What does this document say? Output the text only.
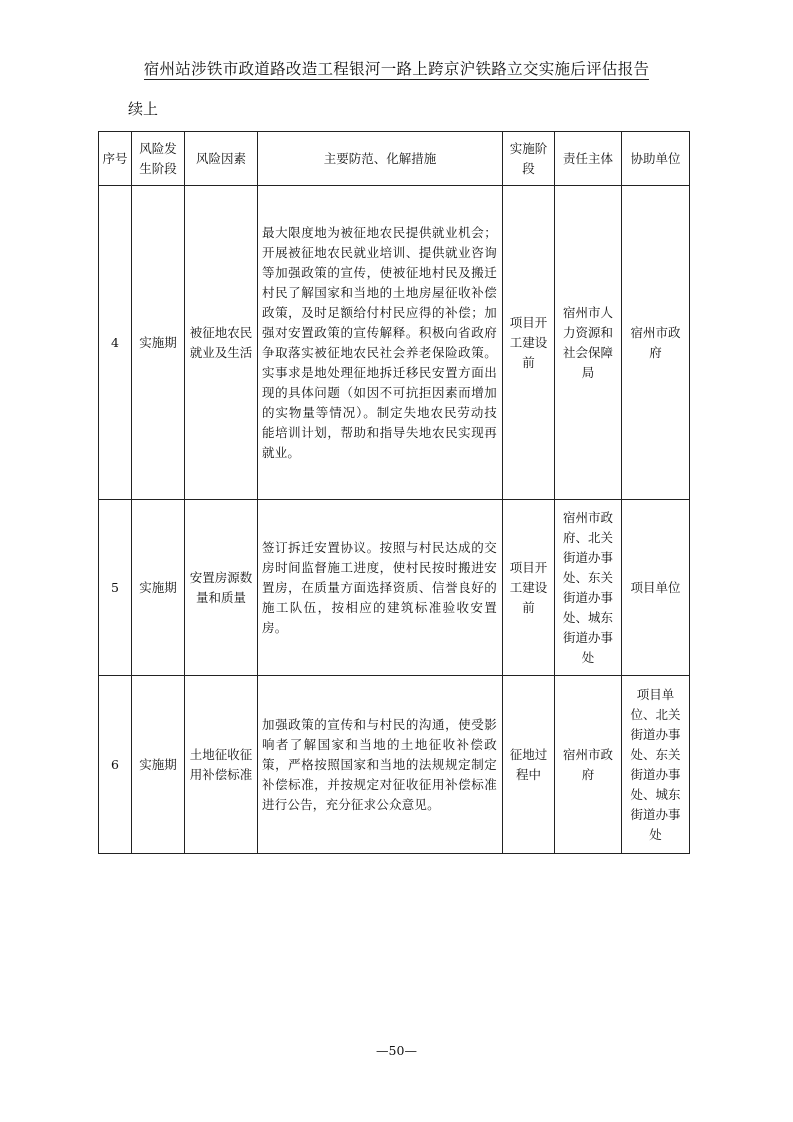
宿州站涉铁市政道路改造工程银河一路上跨京沪铁路立交实施后评估报告
续上
序号	风险发生阶段	风险因素	主要防范、化解措施	实施阶段	责任主体	协助单位
4	实施期	被征地农民就业及生活	最大限度地为被征地农民提供就业机会；开展被征地农民就业培训、提供就业咨询等加强政策的宣传，使被征地村民及搬迁村民了解国家和当地的土地房屋征收补偿政策，及时足额给付村民应得的补偿；加强对安置政策的宣传解释。积极向省政府争取落实被征地农民社会养老保险政策。实事求是地处理征地拆迁移民安置方面出现的具体问题（如因不可抗拒因素而增加的实物量等情况）。制定失地农民劳动技能培训计划，帮助和指导失地农民实现再就业。	项目开工建设前	宿州市人力资源和社会保障局	宿州市政府
5	实施期	安置房源数量和质量	签订拆迁安置协议。按照与村民达成的交房时间监督施工进度，使村民按时搬进安置房，在质量方面选择资质、信誉良好的施工队伍，按相应的建筑标准验收安置房。	项目开工建设前	宿州市政府、北关街道办事处、东关街道办事处、城东街道办事处	项目单位
6	实施期	土地征收征用补偿标准	加强政策的宣传和与村民的沟通，使受影响者了解国家和当地的土地征收补偿政策，严格按照国家和当地的法规规定制定补偿标准，并按规定对征收征用补偿标准进行公告，充分征求公众意见。	征地过程中	宿州市政府	项目单位、北关街道办事处、东关街道办事处、城东街道办事处
—50—
